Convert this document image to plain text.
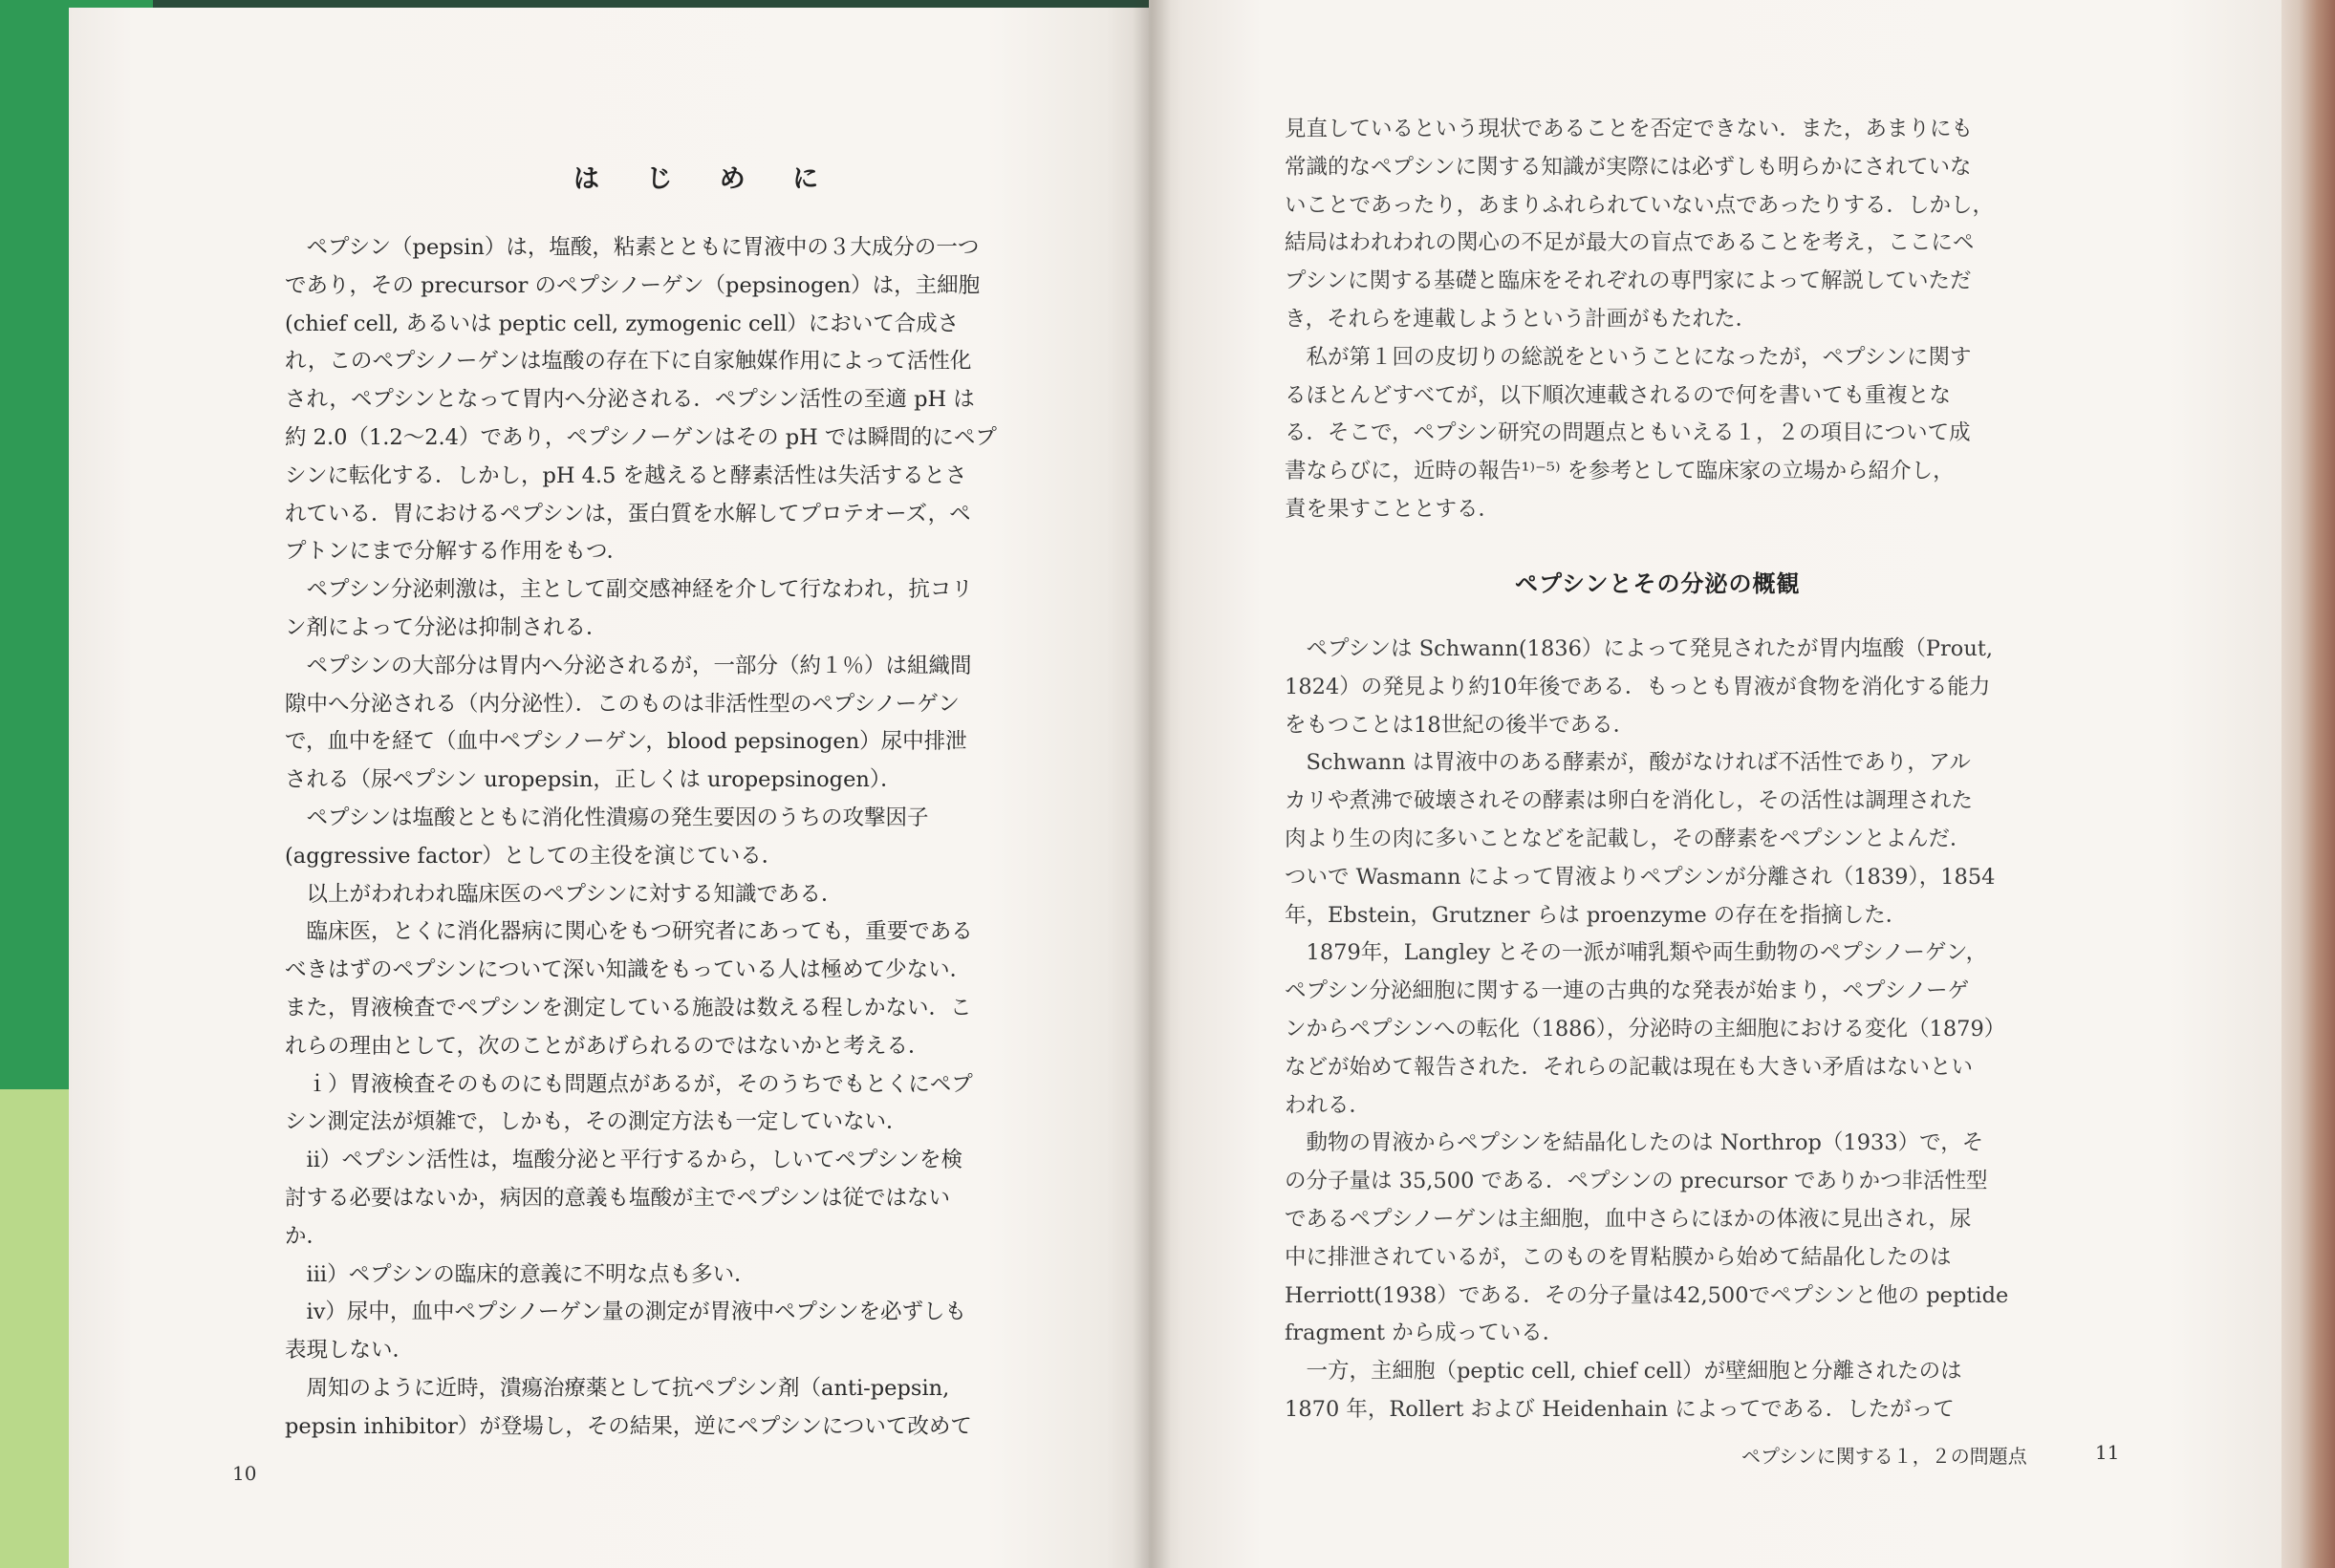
は じ め に

　ペプシン（pepsin）は，塩酸，粘素とともに胃液中の３大成分の一つ

であり，その precursor のペプシノーゲン（pepsinogen）は，主細胞

(chief cell, あるいは peptic cell, zymogenic cell）において合成さ

れ，このペプシノーゲンは塩酸の存在下に自家触媒作用によって活性化

され，ペプシンとなって胃内へ分泌される．ペプシン活性の至適 pH は

約 2.0（1.2〜2.4）であり，ペプシノーゲンはその pH では瞬間的にペプ

シンに転化する．しかし，pH 4.5 を越えると酵素活性は失活するとさ

れている．胃におけるペプシンは，蛋白質を水解してプロテオーズ，ペ

プトンにまで分解する作用をもつ．

　ペプシン分泌刺激は，主として副交感神経を介して行なわれ，抗コリ

ン剤によって分泌は抑制される．

　ペプシンの大部分は胃内へ分泌されるが，一部分（約１％）は組織間

隙中へ分泌される（内分泌性）．このものは非活性型のペプシノーゲン

で，血中を経て（血中ペプシノーゲン，blood pepsinogen）尿中排泄

される（尿ペプシン uropepsin，正しくは uropepsinogen）．

　ペプシンは塩酸とともに消化性潰瘍の発生要因のうちの攻撃因子

(aggressive factor）としての主役を演じている．

　以上がわれわれ臨床医のペプシンに対する知識である．

　臨床医，とくに消化器病に関心をもつ研究者にあっても，重要である

べきはずのペプシンについて深い知識をもっている人は極めて少ない．

また，胃液検査でペプシンを測定している施設は数える程しかない．こ

れらの理由として，次のことがあげられるのではないかと考える．

　ｉ）胃液検査そのものにも問題点があるが，そのうちでもとくにペプ

シン測定法が煩雑で，しかも，その測定方法も一定していない．

　ii）ペプシン活性は，塩酸分泌と平行するから，しいてペプシンを検

討する必要はないか，病因的意義も塩酸が主でペプシンは従ではない

か．

　iii）ペプシンの臨床的意義に不明な点も多い．

　iv）尿中，血中ペプシノーゲン量の測定が胃液中ペプシンを必ずしも

表現しない．

　周知のように近時，潰瘍治療薬として抗ペプシン剤（anti-pepsin,

pepsin inhibitor）が登場し，その結果，逆にペプシンについて改めて

10

見直しているという現状であることを否定できない．また，あまりにも

常識的なペプシンに関する知識が実際には必ずしも明らかにされていな

いことであったり，あまりふれられていない点であったりする．しかし，

結局はわれわれの関心の不足が最大の盲点であることを考え，ここにペ

プシンに関する基礎と臨床をそれぞれの専門家によって解説していただ

き，それらを連載しようという計画がもたれた．

　私が第１回の皮切りの総説をということになったが，ペプシンに関す

るほとんどすべてが，以下順次連載されるので何を書いても重複とな

る．そこで，ペプシン研究の問題点ともいえる１，２の項目について成

書ならびに，近時の報告¹⁾⁻⁵⁾ を参考として臨床家の立場から紹介し，

責を果すこととする．

ペプシンとその分泌の概観

　ペプシンは Schwann(1836）によって発見されたが胃内塩酸（Prout,

1824）の発見より約10年後である．もっとも胃液が食物を消化する能力

をもつことは18世紀の後半である．

　Schwann は胃液中のある酵素が，酸がなければ不活性であり，アル

カリや煮沸で破壊されその酵素は卵白を消化し，その活性は調理された

肉より生の肉に多いことなどを記載し，その酵素をペプシンとよんだ．

ついで Wasmann によって胃液よりペプシンが分離され（1839），1854

年，Ebstein，Grutzner らは proenzyme の存在を指摘した．

　1879年，Langley とその一派が哺乳類や両生動物のペプシノーゲン，

ペプシン分泌細胞に関する一連の古典的な発表が始まり，ペプシノーゲ

ンからペプシンへの転化（1886），分泌時の主細胞における変化（1879）

などが始めて報告された．それらの記載は現在も大きい矛盾はないとい

われる．

　動物の胃液からペプシンを結晶化したのは Northrop（1933）で，そ

の分子量は 35,500 である．ペプシンの precursor でありかつ非活性型

であるペプシノーゲンは主細胞，血中さらにほかの体液に見出され，尿

中に排泄されているが，このものを胃粘膜から始めて結晶化したのは

Herriott(1938）である．その分子量は42,500でペプシンと他の peptide

fragment から成っている．

　一方，主細胞（peptic cell, chief cell）が壁細胞と分離されたのは

1870 年，Rollert および Heidenhain によってである．したがって

ペプシンに関する１，２の問題点	11
